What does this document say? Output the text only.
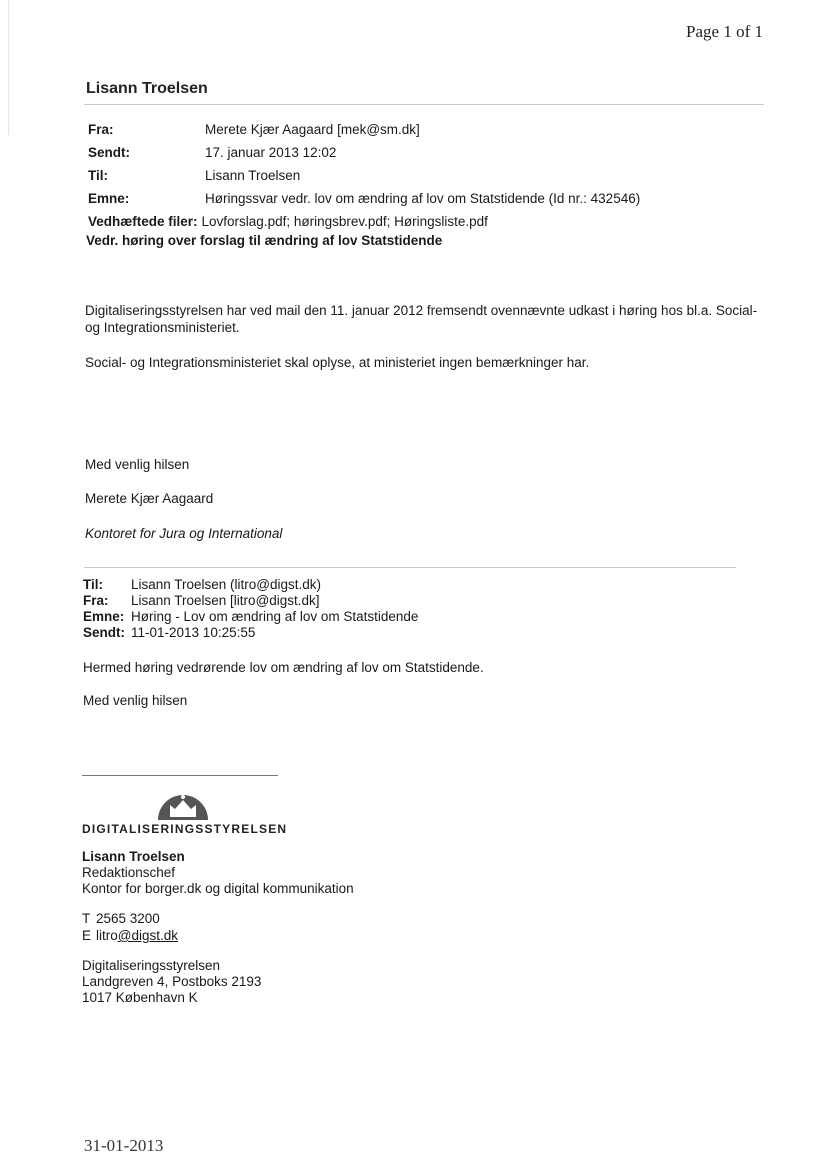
Page 1 of 1
Lisann Troelsen
Fra:	Merete Kjær Aagaard [mek@sm.dk]
Sendt:	17. januar 2013 12:02
Til:	Lisann Troelsen
Emne:	Høringssvar vedr. lov om ændring af lov om Statstidende (Id nr.: 432546)
Vedhæftede filer: Lovforslag.pdf; høringsbrev.pdf; Høringsliste.pdf
Vedr. høring over forslag til ændring af lov Statstidende
Digitaliseringsstyrelsen har ved mail den 11. januar 2012 fremsendt ovennævnte udkast i høring hos bl.a. Social- og Integrationsministeriet.
Social- og Integrationsministeriet skal oplyse, at ministeriet ingen bemærkninger har.
Med venlig hilsen
Merete Kjær Aagaard
Kontoret for Jura og International
Til: Lisann Troelsen (litro@digst.dk)
Fra: Lisann Troelsen [litro@digst.dk]
Emne: Høring - Lov om ændring af lov om Statstidende
Sendt: 11-01-2013 10:25:55
Hermed høring vedrørende lov om ændring af lov om Statstidende.
Med venlig hilsen
DIGITALISERINGSSTYRELSEN
Lisann Troelsen
Redaktionschef
Kontor for borger.dk og digital kommunikation
T 2565 3200
E litro@digst.dk
Digitaliseringsstyrelsen
Landgreven 4, Postboks 2193
1017 København K
31-01-2013
